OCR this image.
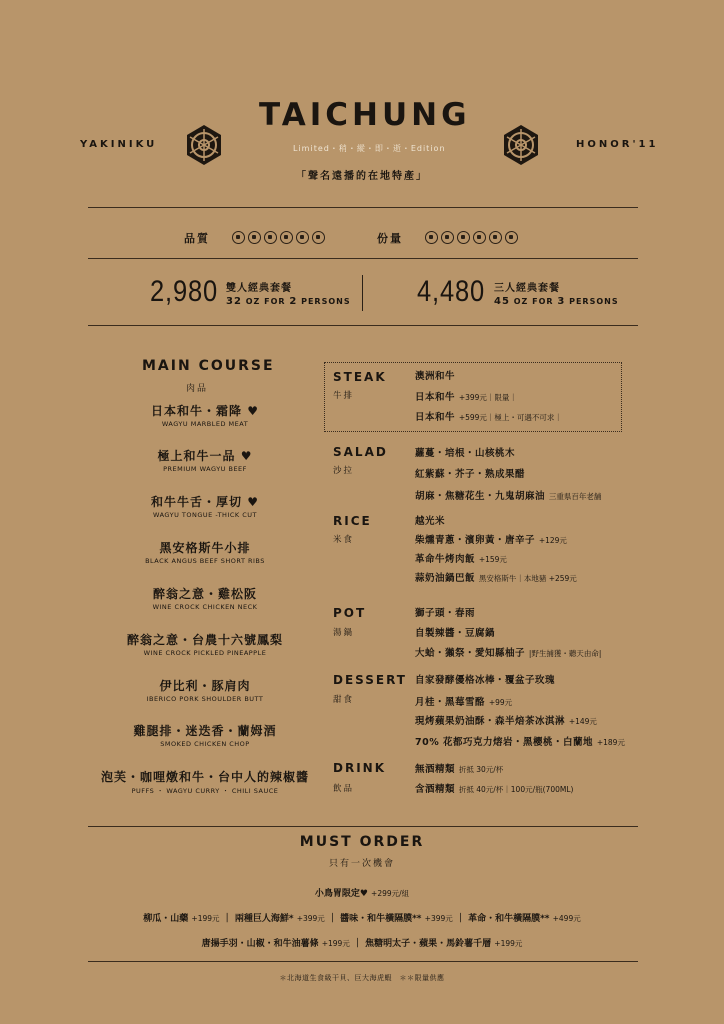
YAKINIKU	HONOR'11
TAICHUNG
Limited・稍・縱・即・逝・Edition
「聲名遠播的在地特產」
品質	份量
2,980 雙人經典套餐
32 OZ FOR 2 PERSONS 4,480 三人經典套餐
45 OZ FOR 3 PERSONS
MAIN COURSE
肉品
日本和牛・霜降 ♥
WAGYU MARBLED MEAT
極上和牛一品 ♥
PREMIUM WAGYU BEEF
和牛牛舌・厚切 ♥
WAGYU TONGUE -THICK CUT
黑安格斯牛小排
BLACK ANGUS BEEF SHORT RIBS
醉翁之意・雞松阪
WINE CROCK CHICKEN NECK
醉翁之意・台農十六號鳳梨
WINE CROCK PICKLED PINEAPPLE
伊比利・豚肩肉
IBERICO PORK SHOULDER BUTT
雞腿排・迷迭香・蘭姆酒
SMOKED CHICKEN CHOP
泡芙・咖哩燉和牛・台中人的辣椒醬
PUFFS ・ WAGYU CURRY ・ CHILI SAUCE
STEAK
牛排
澳洲和牛
日本和牛 +399元｜限量｜
日本和牛 +599元｜極上・可遇不可求｜
SALAD
沙拉
蘿蔓・培根・山核桃木
紅紫蘇・芥子・熟成果醋
胡麻・焦糖花生・九鬼胡麻油 三重県百年老舗
RICE
米食
越光米
柴燻青蔥・濱卵黃・唐辛子 +129元
革命牛烤肉飯 +159元
蒜奶油鍋巴飯 黑安格斯牛｜本地豬 +259元
POT
湯鍋
獅子頭・春雨
自製辣醬・豆腐鍋
大蛤・獺祭・愛知縣柚子 |野生捕獲・聽天由命|
DESSERT
甜食
自家發酵優格冰棒・覆盆子玫瑰
月桂・黑莓雪酪 +99元
現烤蘋果奶油酥・森半焙茶冰淇淋 +149元
70% 花都巧克力熔岩・黑櫻桃・白蘭地 +189元
DRINK
飲品
無酒精類 折抵 30元/杯
含酒精類 折抵 40元/杯｜100元/瓶(700ML)
MUST ORDER
只有一次機會
小鳥胃限定♥ +299元/組
柳瓜・山藥 +199元 ｜ 兩種巨人海鮮* +399元 ｜ 醬味・和牛橫隔膜** +399元 ｜ 革命・和牛橫隔膜** +499元
唐揚手羽・山椒・和牛油薯條 +199元 ｜ 焦糖明太子・蘋果・馬鈴薯千層 +199元
＊北海道生食級干貝、巨大海虎蝦　＊＊限量供應
